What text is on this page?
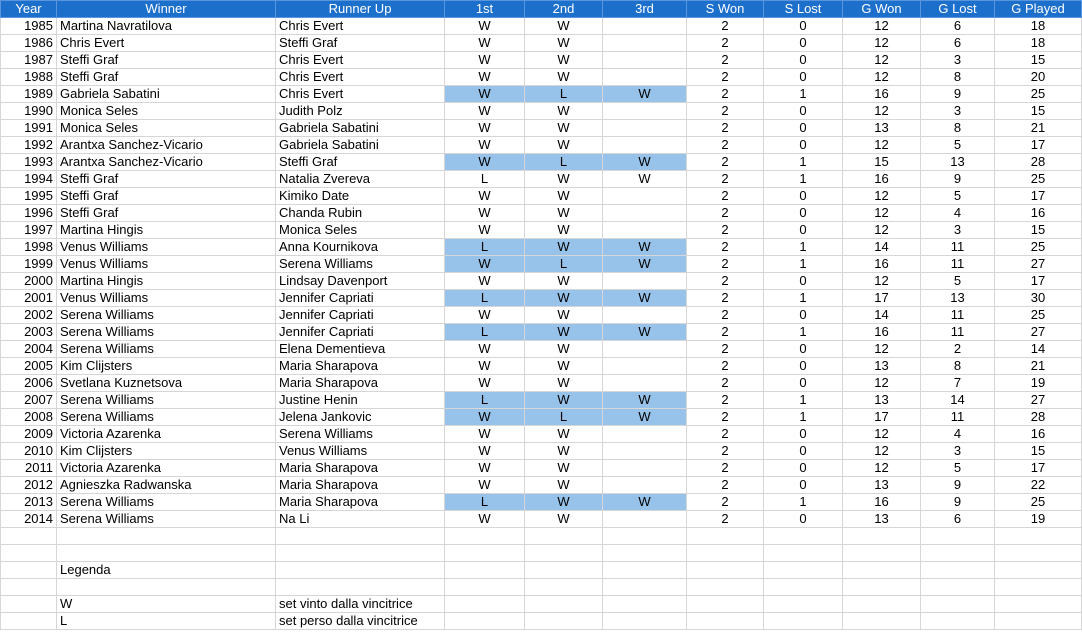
Year	Winner	Runner Up	1st	2nd	3rd	S Won	S Lost	G Won	G Lost	G Played
1985	Martina Navratilova	Chris Evert	W	W		2	0	12	6	18
1986	Chris Evert	Steffi Graf	W	W		2	0	12	6	18
1987	Steffi Graf	Chris Evert	W	W		2	0	12	3	15
1988	Steffi Graf	Chris Evert	W	W		2	0	12	8	20
1989	Gabriela Sabatini	Chris Evert	W	L	W	2	1	16	9	25
1990	Monica Seles	Judith Polz	W	W		2	0	12	3	15
1991	Monica Seles	Gabriela Sabatini	W	W		2	0	13	8	21
1992	Arantxa Sanchez-Vicario	Gabriela Sabatini	W	W		2	0	12	5	17
1993	Arantxa Sanchez-Vicario	Steffi Graf	W	L	W	2	1	15	13	28
1994	Steffi Graf	Natalia Zvereva	L	W	W	2	1	16	9	25
1995	Steffi Graf	Kimiko Date	W	W		2	0	12	5	17
1996	Steffi Graf	Chanda Rubin	W	W		2	0	12	4	16
1997	Martina Hingis	Monica Seles	W	W		2	0	12	3	15
1998	Venus Williams	Anna Kournikova	L	W	W	2	1	14	11	25
1999	Venus Williams	Serena Williams	W	L	W	2	1	16	11	27
2000	Martina Hingis	Lindsay Davenport	W	W		2	0	12	5	17
2001	Venus Williams	Jennifer Capriati	L	W	W	2	1	17	13	30
2002	Serena Williams	Jennifer Capriati	W	W		2	0	14	11	25
2003	Serena Williams	Jennifer Capriati	L	W	W	2	1	16	11	27
2004	Serena Williams	Elena Dementieva	W	W		2	0	12	2	14
2005	Kim Clijsters	Maria Sharapova	W	W		2	0	13	8	21
2006	Svetlana Kuznetsova	Maria Sharapova	W	W		2	0	12	7	19
2007	Serena Williams	Justine Henin	L	W	W	2	1	13	14	27
2008	Serena Williams	Jelena Jankovic	W	L	W	2	1	17	11	28
2009	Victoria Azarenka	Serena Williams	W	W		2	0	12	4	16
2010	Kim Clijsters	Venus Williams	W	W		2	0	12	3	15
2011	Victoria Azarenka	Maria Sharapova	W	W		2	0	12	5	17
2012	Agnieszka Radwanska	Maria Sharapova	W	W		2	0	13	9	22
2013	Serena Williams	Maria Sharapova	L	W	W	2	1	16	9	25
2014	Serena Williams	Na Li	W	W		2	0	13	6	19

	Legenda									

	W	set vinto dalla vincitrice								
	L	set perso dalla vincitrice								
